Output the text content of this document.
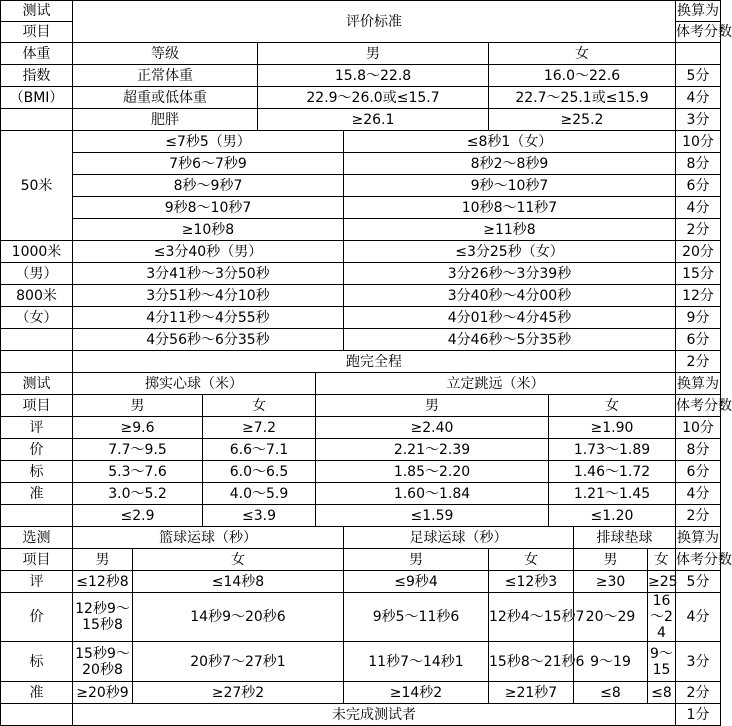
测试	评价标准										换算为
项目											体考分数
体重	等级			男			女				
指数	正常体重			15.8～22.8			16.0～22.6				5分
（BMI）	超重或低体重			22.9～26.0或≤15.7			22.7～25.1或≤15.9				4分
	肥胖			≥26.1			≥25.2				3分
50米	≤7秒5（男）					≤8秒1（女）					10分
	7秒6～7秒9					8秒2～8秒9					8分
	8秒～9秒7					9秒～10秒7					6分
	9秒8～10秒7					10秒8～11秒7					4分
	≥10秒8					≥11秒8					2分
1000米	≤3分40秒（男）					≤3分25秒（女）					20分
（男）	3分41秒～3分50秒					3分26秒～3分39秒					15分
800米	3分51秒～4分10秒					3分40秒～4分00秒					12分
（女）	4分11秒～4分55秒					4分01秒～4分45秒					9分
	4分56秒～6分35秒					4分46秒～5分35秒					6分
	跑完全程										2分
测试	掷实心球（米）				立定跳远（米）						换算为
项目	男		女		男			女			体考分数
评	≥9.6		≥7.2		≥2.40			≥1.90			10分
价	7.7～9.5		6.6～7.1		2.21～2.39			1.73～1.89			8分
标	5.3～7.6		6.0～6.5		1.85～2.20			1.46～1.72			6分
准	3.0～5.2		4.0～5.9		1.60～1.84			1.21～1.45			4分
	≤2.9		≤3.9		≤1.59			≤1.20			2分
选测	篮球运球（秒）					足球运球（秒）			排球垫球		换算为
项目	男	女				男	女		男	女	体考分数
评	≤12秒8	≤14秒8				≤9秒4	≤12秒3		≥30	≥25	5分
价	12秒9～15秒8	14秒9～20秒6				9秒5～11秒6	12秒4～15秒7		20～29	16～24	4分
标	15秒9～20秒8	20秒7～27秒1				11秒7～14秒1	15秒8～21秒6		9～19	9～15	3分
准	≥20秒9	≥27秒2				≥14秒2	≥21秒7		≤8	≤8	2分
	未完成测试者										1分
